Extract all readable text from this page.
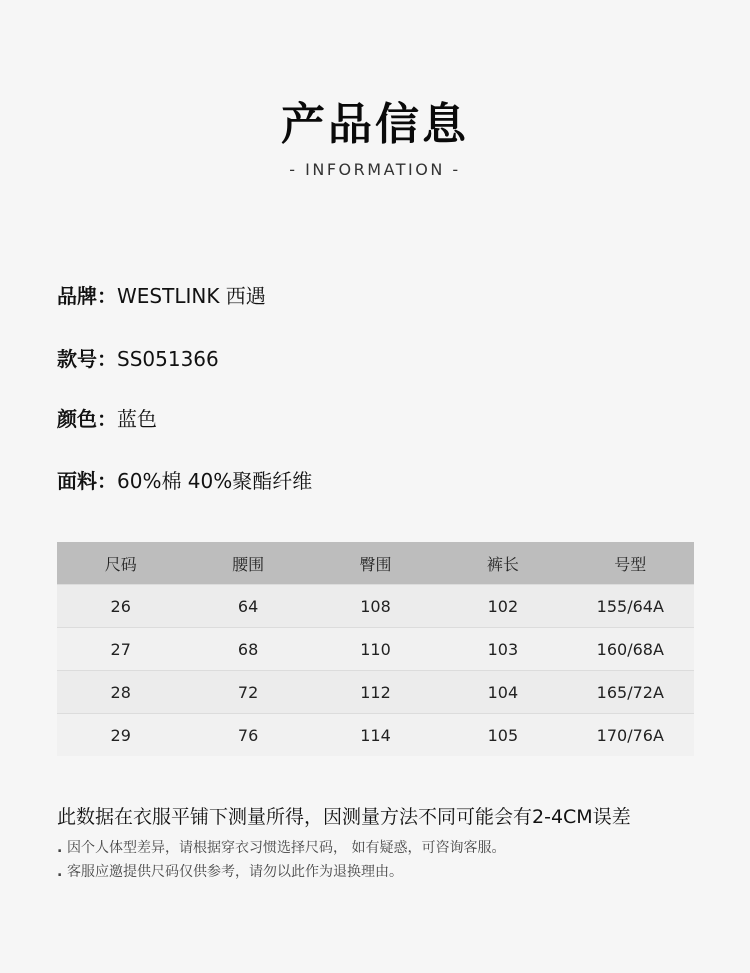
产品信息
- INFORMATION -
品牌：WESTLINK 西遇
款号：SS051366
颜色：蓝色
面料：60%棉 40%聚酯纤维
尺码	腰围	臀围	裤长	号型
26	64	108	102	155/64A
27	68	110	103	160/68A
28	72	112	104	165/72A
29	76	114	105	170/76A
此数据在衣服平铺下测量所得，因测量方法不同可能会有2-4CM误差
. 因个人体型差异，请根据穿衣习惯选择尺码， 如有疑惑，可咨询客服。
. 客服应邀提供尺码仅供参考，请勿以此作为退换理由。
